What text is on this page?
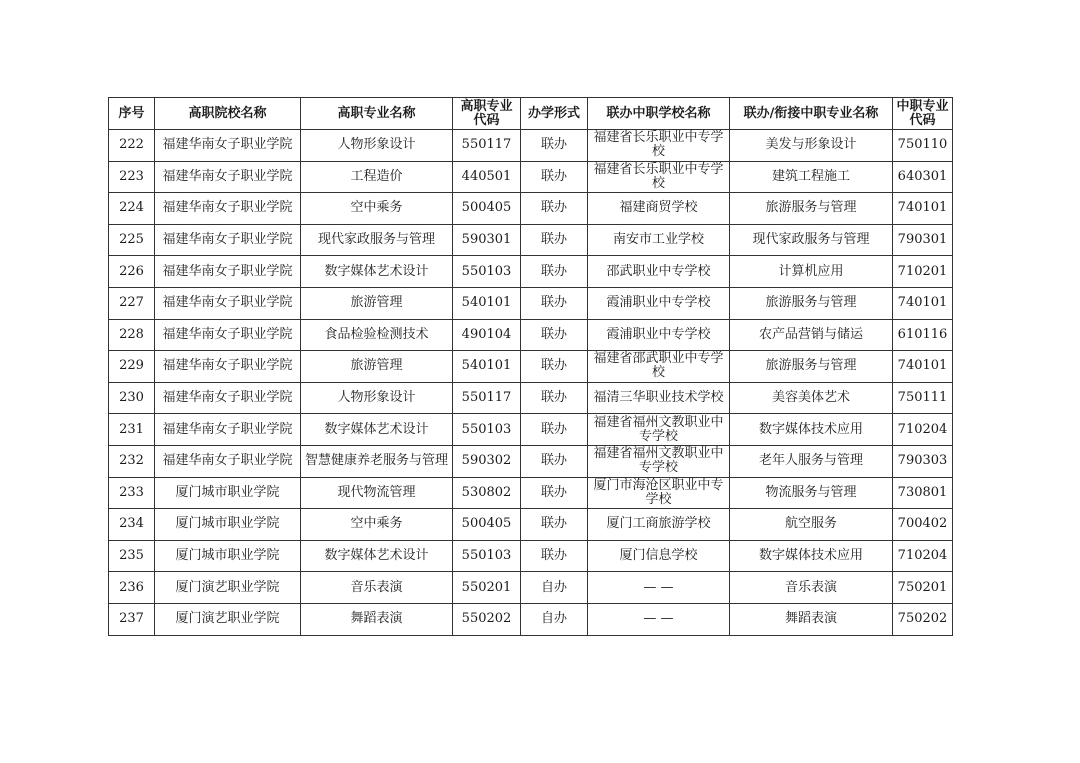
序号	高职院校名称	高职专业名称	高职专业代码	办学形式	联办中职学校名称	联办/衔接中职专业名称	中职专业代码

222	福建华南女子职业学院	人物形象设计	550117	联办	福建省长乐职业中专学校	美发与形象设计	750110
223	福建华南女子职业学院	工程造价	440501	联办	福建省长乐职业中专学校	建筑工程施工	640301
224	福建华南女子职业学院	空中乘务	500405	联办	福建商贸学校	旅游服务与管理	740101
225	福建华南女子职业学院	现代家政服务与管理	590301	联办	南安市工业学校	现代家政服务与管理	790301
226	福建华南女子职业学院	数字媒体艺术设计	550103	联办	邵武职业中专学校	计算机应用	710201
227	福建华南女子职业学院	旅游管理	540101	联办	霞浦职业中专学校	旅游服务与管理	740101
228	福建华南女子职业学院	食品检验检测技术	490104	联办	霞浦职业中专学校	农产品营销与储运	610116
229	福建华南女子职业学院	旅游管理	540101	联办	福建省邵武职业中专学校	旅游服务与管理	740101
230	福建华南女子职业学院	人物形象设计	550117	联办	福清三华职业技术学校	美容美体艺术	750111
231	福建华南女子职业学院	数字媒体艺术设计	550103	联办	福建省福州文教职业中专学校	数字媒体技术应用	710204
232	福建华南女子职业学院	智慧健康养老服务与管理	590302	联办	福建省福州文教职业中专学校	老年人服务与管理	790303
233	厦门城市职业学院	现代物流管理	530802	联办	厦门市海沧区职业中专学校	物流服务与管理	730801
234	厦门城市职业学院	空中乘务	500405	联办	厦门工商旅游学校	航空服务	700402
235	厦门城市职业学院	数字媒体艺术设计	550103	联办	厦门信息学校	数字媒体技术应用	710204
236	厦门演艺职业学院	音乐表演	550201	自办	— —	音乐表演	750201
237	厦门演艺职业学院	舞蹈表演	550202	自办	— —	舞蹈表演	750202
